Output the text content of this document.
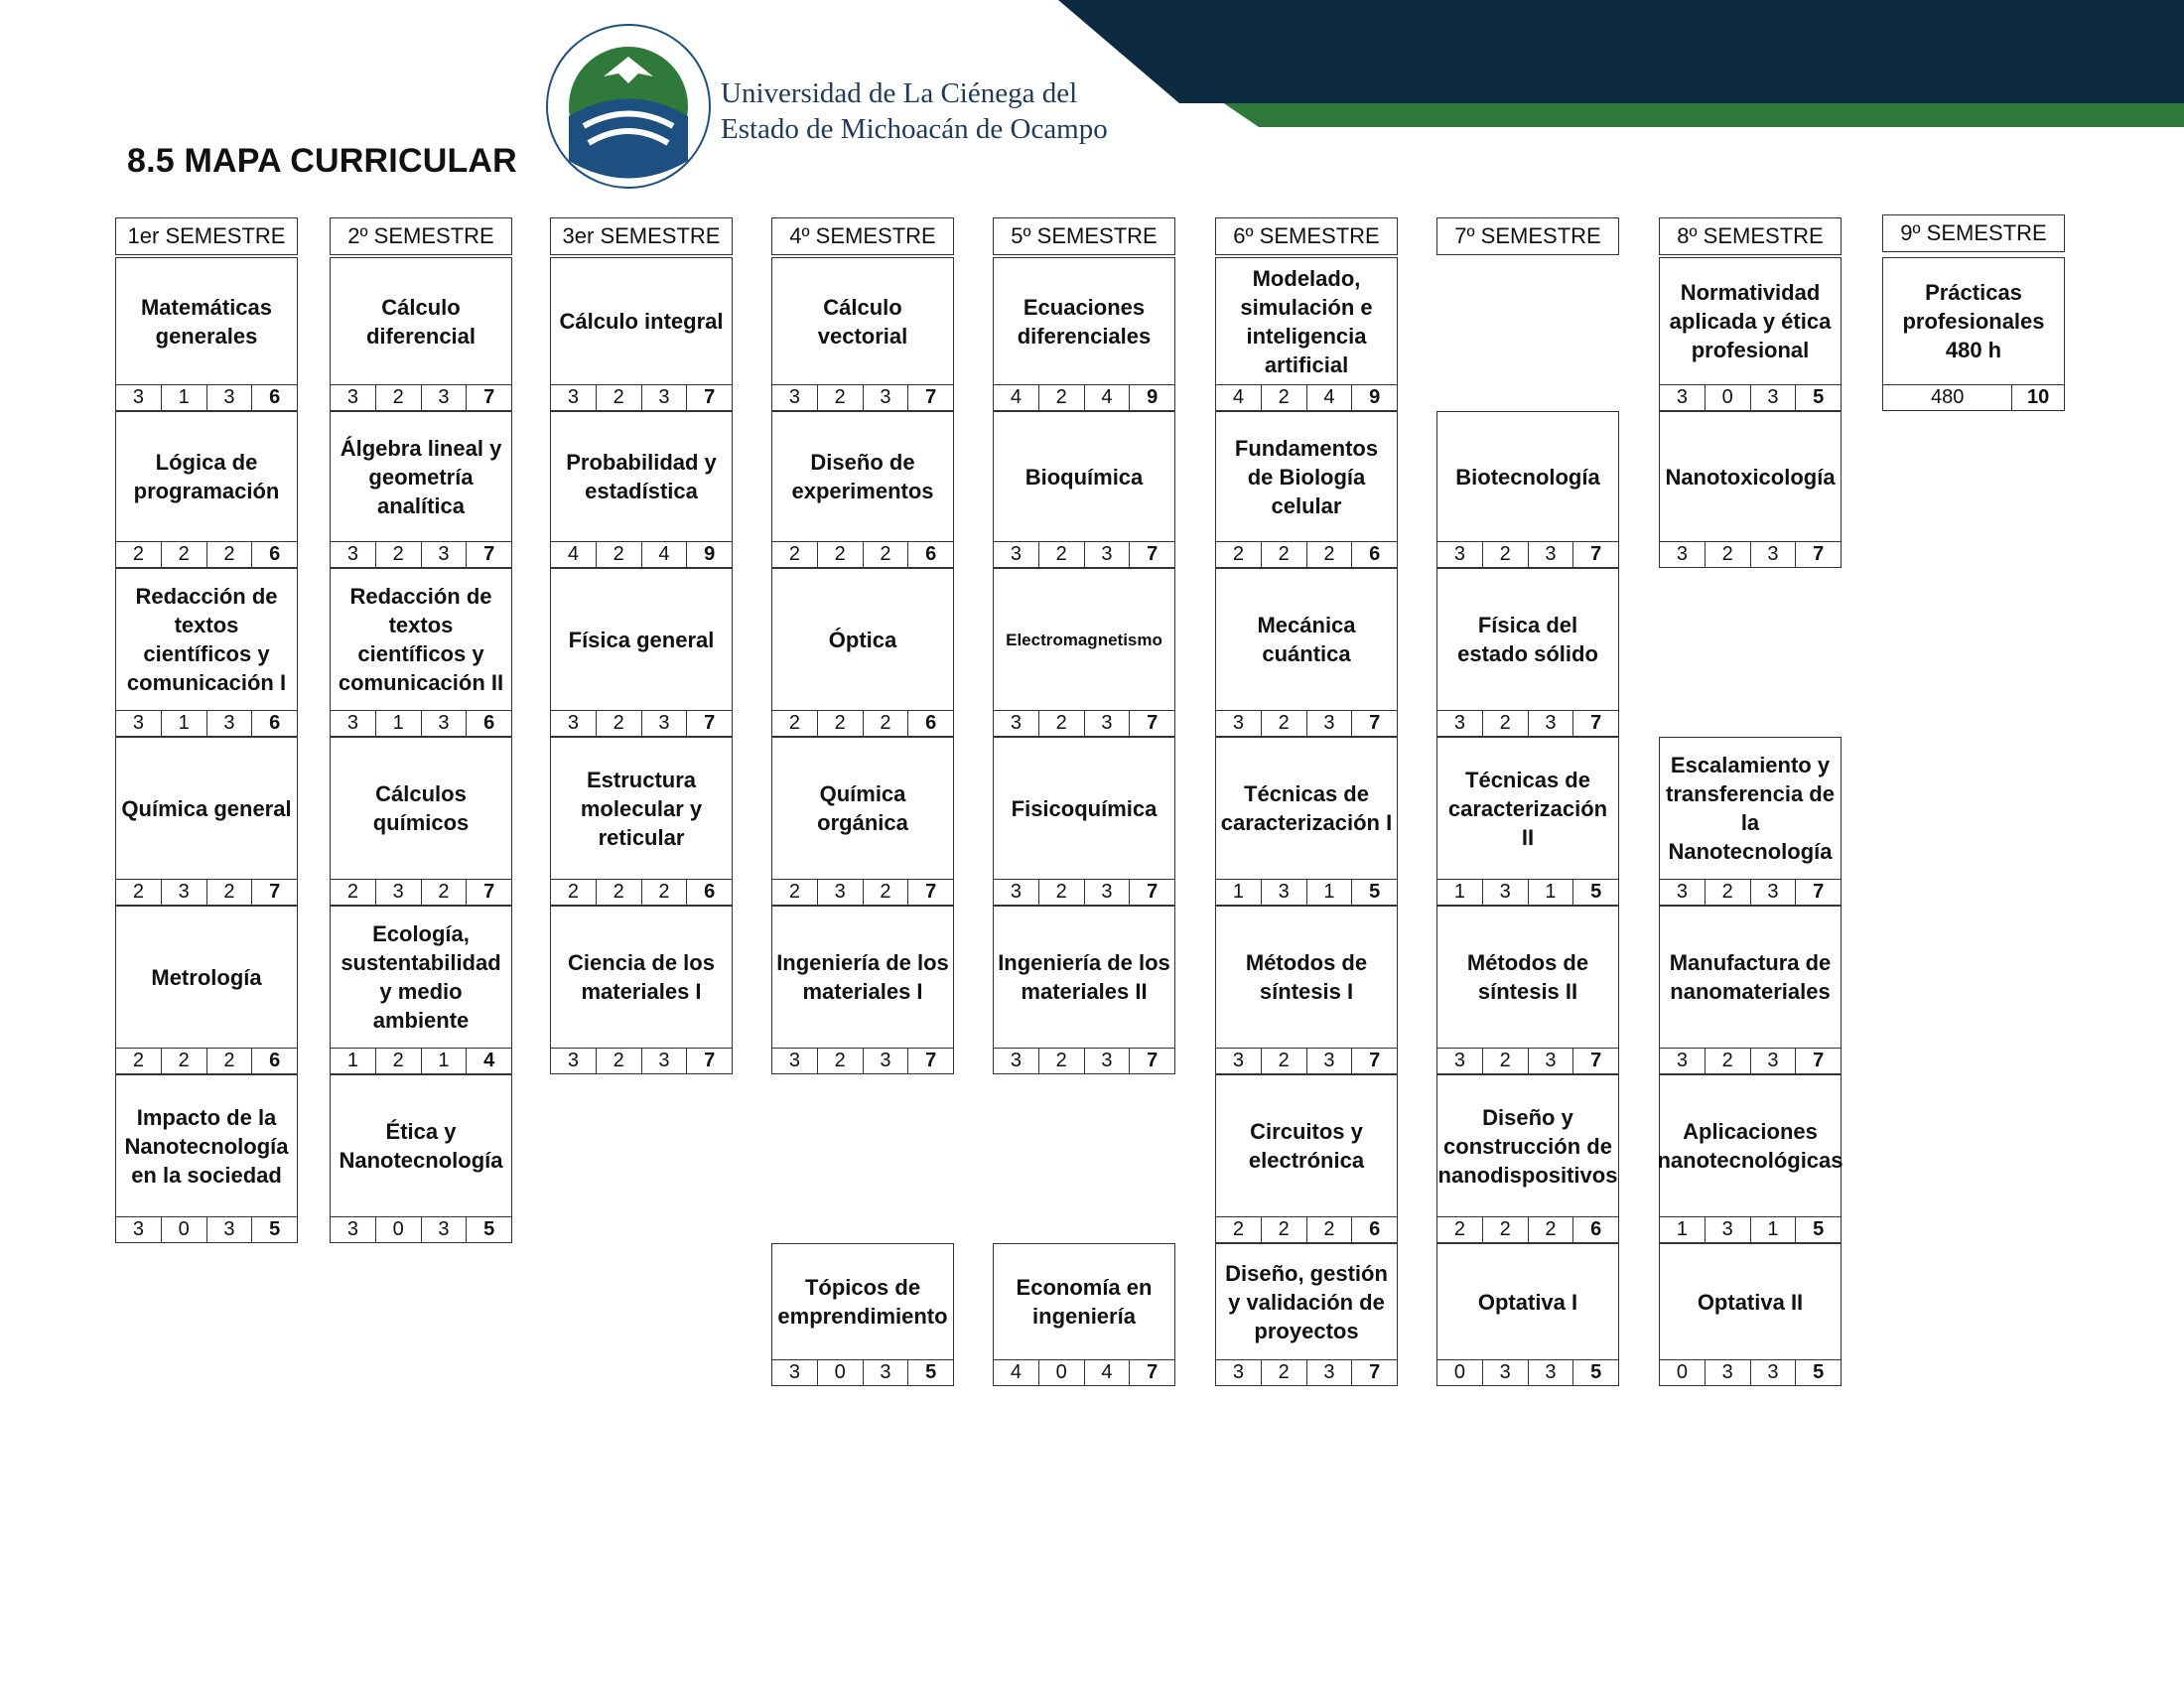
Universidad de La Ciénega del
Estado de Michoacán de Ocampo
8.5 MAPA CURRICULAR
1er SEMESTRE
Matemáticas generales
3	1	3	6
Lógica de programación
2	2	2	6
Redacción de textos científicos y comunicación I
3	1	3	6
Química general
2	3	2	7
Metrología
2	2	2	6
Impacto de la Nanotecnología en la sociedad
3	0	3	5
2º SEMESTRE
Cálculo diferencial
3	2	3	7
Álgebra lineal y geometría analítica
3	2	3	7
Redacción de textos científicos y comunicación II
3	1	3	6
Cálculos químicos
2	3	2	7
Ecología, sustentabilidad y medio ambiente
1	2	1	4
Ética y Nanotecnología
3	0	3	5
3er SEMESTRE
Cálculo integral
3	2	3	7
Probabilidad y estadística
4	2	4	9
Física general
3	2	3	7
Estructura molecular y reticular
2	2	2	6
Ciencia de los materiales I
3	2	3	7
4º SEMESTRE
Cálculo vectorial
3	2	3	7
Diseño de experimentos
2	2	2	6
Óptica
2	2	2	6
Química orgánica
2	3	2	7
Ingeniería de los materiales I
3	2	3	7
Tópicos de emprendimiento
3	0	3	5
5º SEMESTRE
Ecuaciones diferenciales
4	2	4	9
Bioquímica
3	2	3	7
Electromagnetismo
3	2	3	7
Fisicoquímica
3	2	3	7
Ingeniería de los materiales II
3	2	3	7
Economía en ingeniería
4	0	4	7
6º SEMESTRE
Modelado, simulación e inteligencia artificial
4	2	4	9
Fundamentos de Biología celular
2	2	2	6
Mecánica cuántica
3	2	3	7
Técnicas de caracterización I
1	3	1	5
Métodos de síntesis I
3	2	3	7
Circuitos y electrónica
2	2	2	6
Diseño, gestión y validación de proyectos
3	2	3	7
7º SEMESTRE
Biotecnología
3	2	3	7
Física del estado sólido
3	2	3	7
Técnicas de caracterización II
1	3	1	5
Métodos de síntesis II
3	2	3	7
Diseño y construcción de nanodispositivos
2	2	2	6
Optativa I
0	3	3	5
8º SEMESTRE
Normatividad aplicada y ética profesional
3	0	3	5
Nanotoxicología
3	2	3	7
Escalamiento y transferencia de la Nanotecnología
3	2	3	7
Manufactura de nanomateriales
3	2	3	7
Aplicaciones nanotecnológicas
1	3	1	5
Optativa II
0	3	3	5
9º SEMESTRE
Prácticas profesionales 480 h
480	10
